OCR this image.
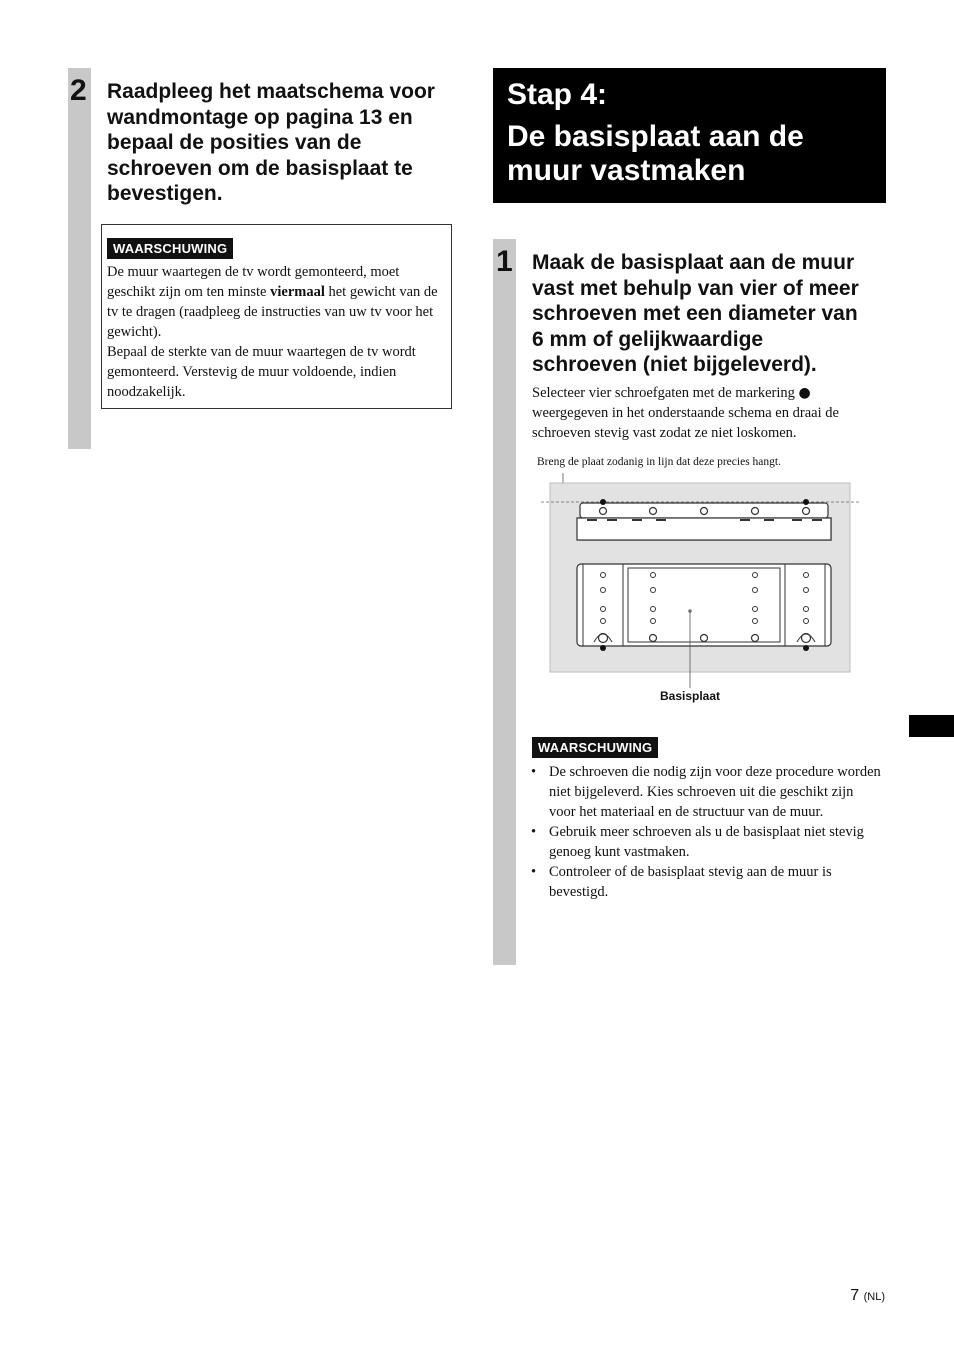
2 Raadpleeg het maatschema voor
wandmontage op pagina 13 en
bepaal de posities van de
schroeven om de basisplaat te
bevestigen.
WAARSCHUWING

De muur waartegen de tv wordt gemonteerd, moet geschikt zijn om ten minste viermaal het gewicht van de tv te dragen (raadpleeg de instructies van uw tv voor het gewicht).
Bepaal de sterkte van de muur waartegen de tv wordt gemonteerd. Verstevig de muur voldoende, indien noodzakelijk.

Stap 4:

De basisplaat aan de
muur vastmaken

1 Maak de basisplaat aan de muur
vast met behulp van vier of meer
schroeven met een diameter van
6 mm of gelijkwaardige
schroeven (niet bijgeleverd).

Selecteer vier schroefgaten met de markering ● weergegeven in het onderstaande schema en draai de schroeven stevig vast zodat ze niet loskomen.

Breng de plaat zodanig in lijn dat deze precies hangt.
Basisplaat
WAARSCHUWING
• De schroeven die nodig zijn voor deze procedure worden niet bijgeleverd. Kies schroeven uit die geschikt zijn voor het materiaal en de structuur van de muur.
• Gebruik meer schroeven als u de basisplaat niet stevig genoeg kunt vastmaken.
• Controleer of de basisplaat stevig aan de muur is bevestigd.
7 (NL)
